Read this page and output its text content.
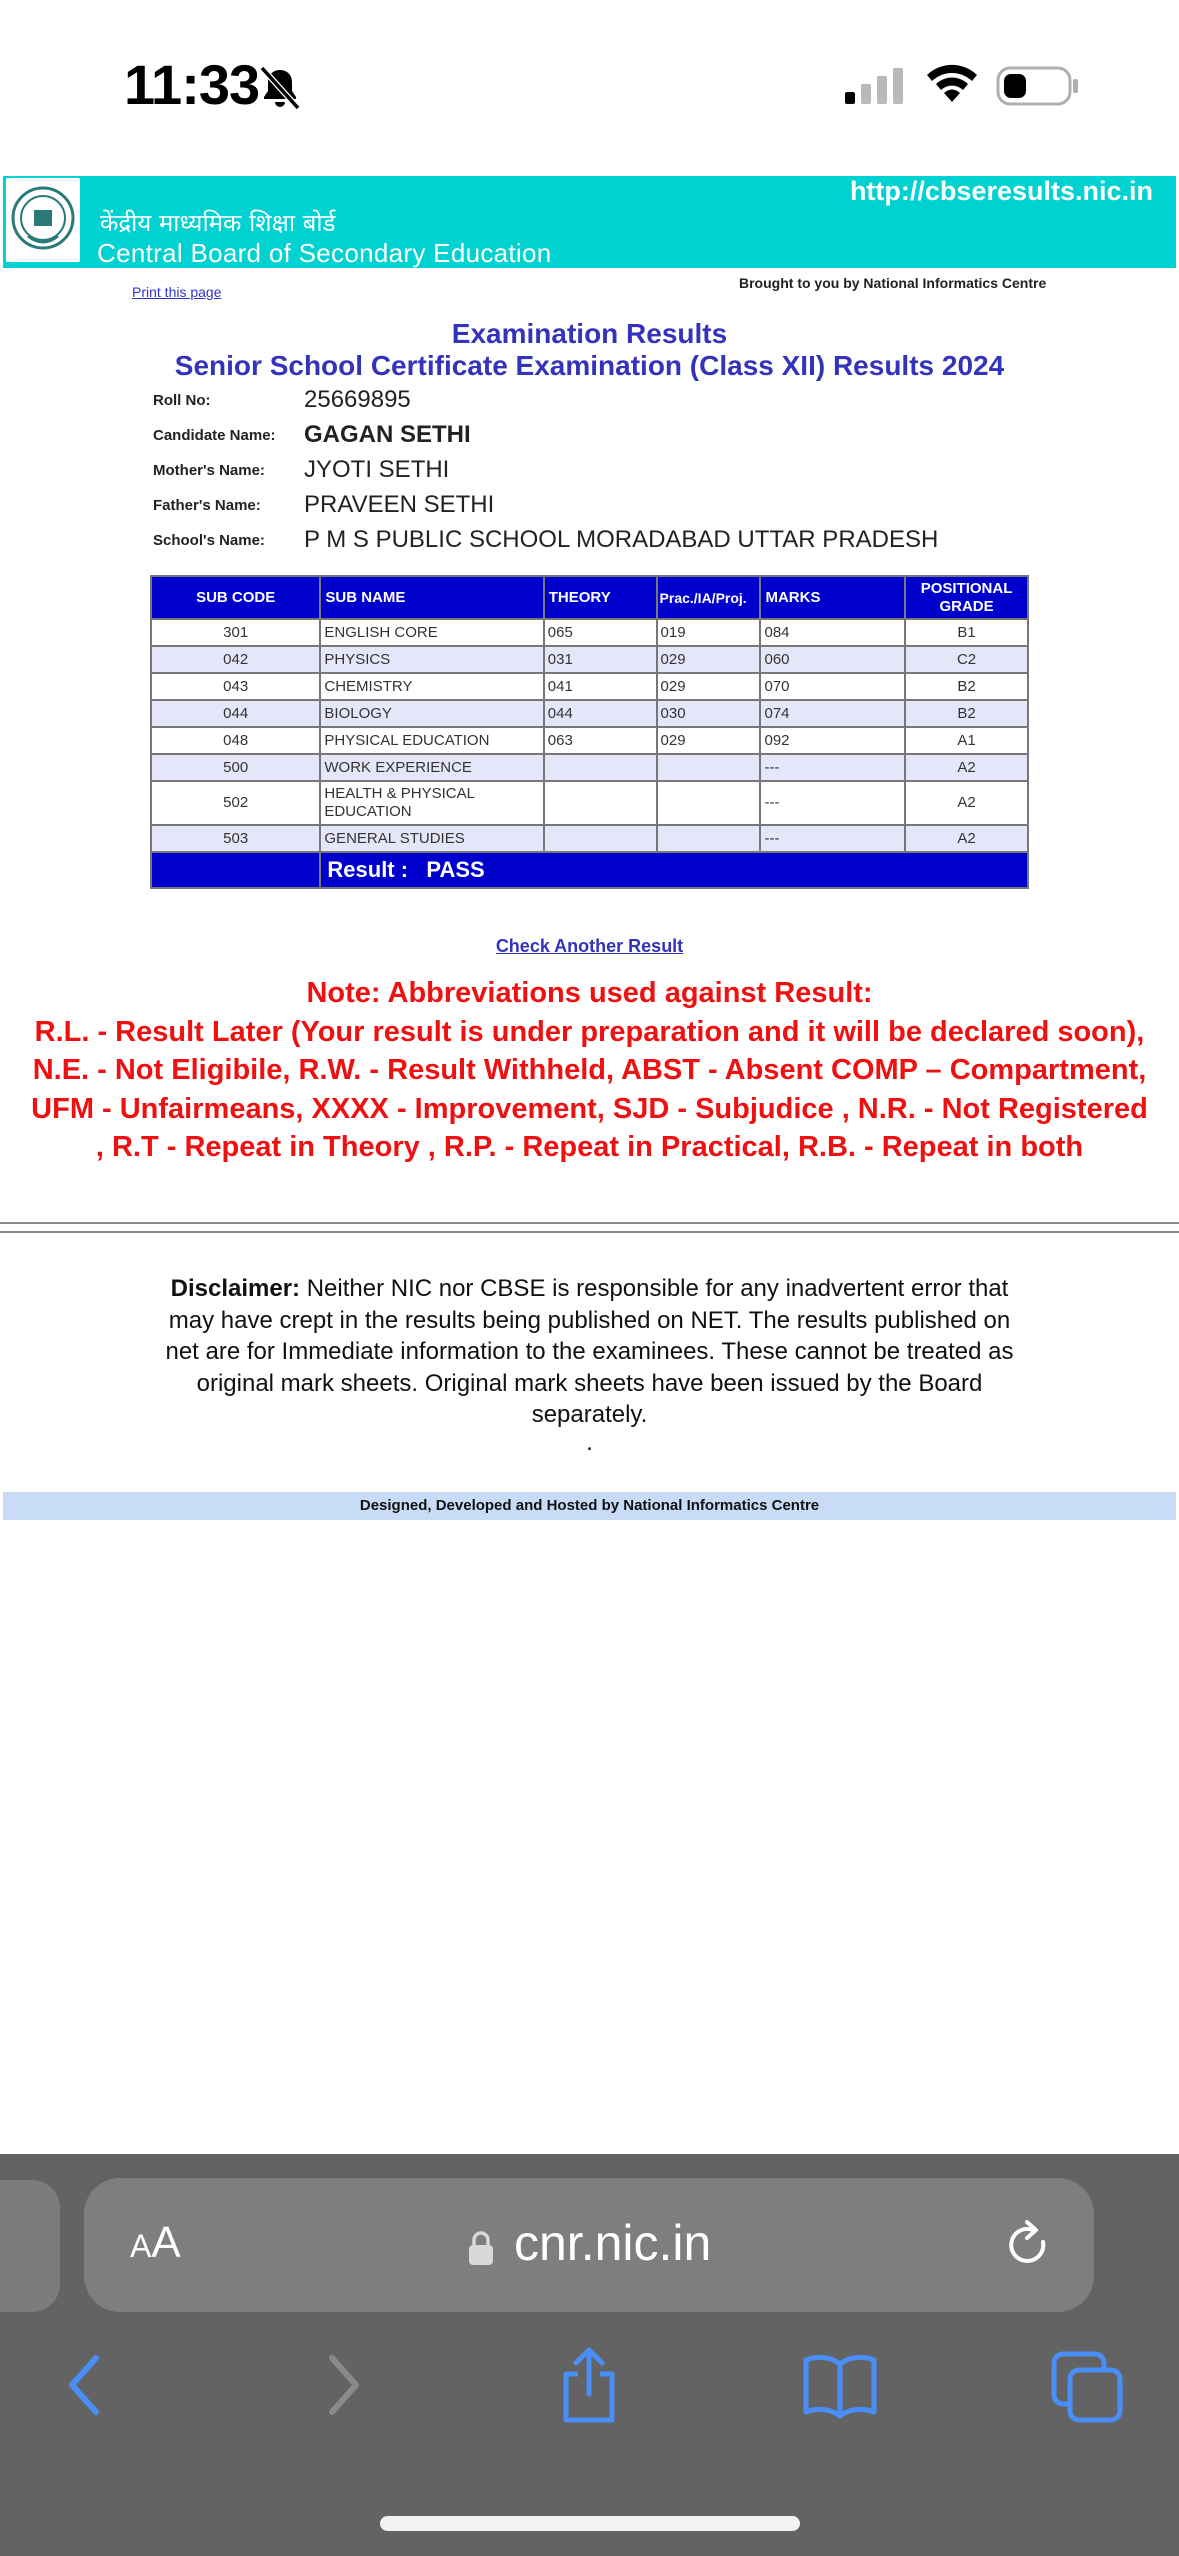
11:33
केंद्रीय माध्यमिक शिक्षा बोर्ड
Central Board of Secondary Education
http://cbseresults.nic.in
Print this page
Brought to you by National Informatics Centre
Examination Results
Senior School Certificate Examination (Class XII) Results 2024
Roll No:	25669895
Candidate Name: GAGAN SETHI
Mother's Name: JYOTI SETHI
Father's Name: PRAVEEN SETHI
School's Name: P M S PUBLIC SCHOOL MORADABAD UTTAR PRADESH
SUB CODE	SUB NAME	THEORY	Prac./IA/Proj.	MARKS	POSITIONAL
GRADE
301	ENGLISH CORE	065	019	084	B1
042	PHYSICS	031	029	060	C2
043	CHEMISTRY	041	029	070	B2
044	BIOLOGY	044	030	074	B2
048	PHYSICAL EDUCATION	063	029	092	A1
500	WORK EXPERIENCE			---	A2
502	HEALTH & PHYSICAL EDUCATION			---	A2
503	GENERAL STUDIES			---	A2
	Result : PASS				
Check Another Result
Note: Abbreviations used against Result:
R.L. - Result Later (Your result is under preparation and it will be declared soon), N.E. - Not Eligibile, R.W. - Result Withheld, ABST - Absent COMP – Compartment, UFM - Unfairmeans, XXXX - Improvement, SJD - Subjudice , N.R. - Not Registered , R.T - Repeat in Theory , R.P. - Repeat in Practical, R.B. - Repeat in both
Disclaimer: Neither NIC nor CBSE is responsible for any inadvertent error that may have crept in the results being published on NET. The results published on net are for Immediate information to the examinees. These cannot be treated as original mark sheets. Original mark sheets have been issued by the Board separately.
.
Designed, Developed and Hosted by National Informatics Centre
AA	cnr.nic.in
